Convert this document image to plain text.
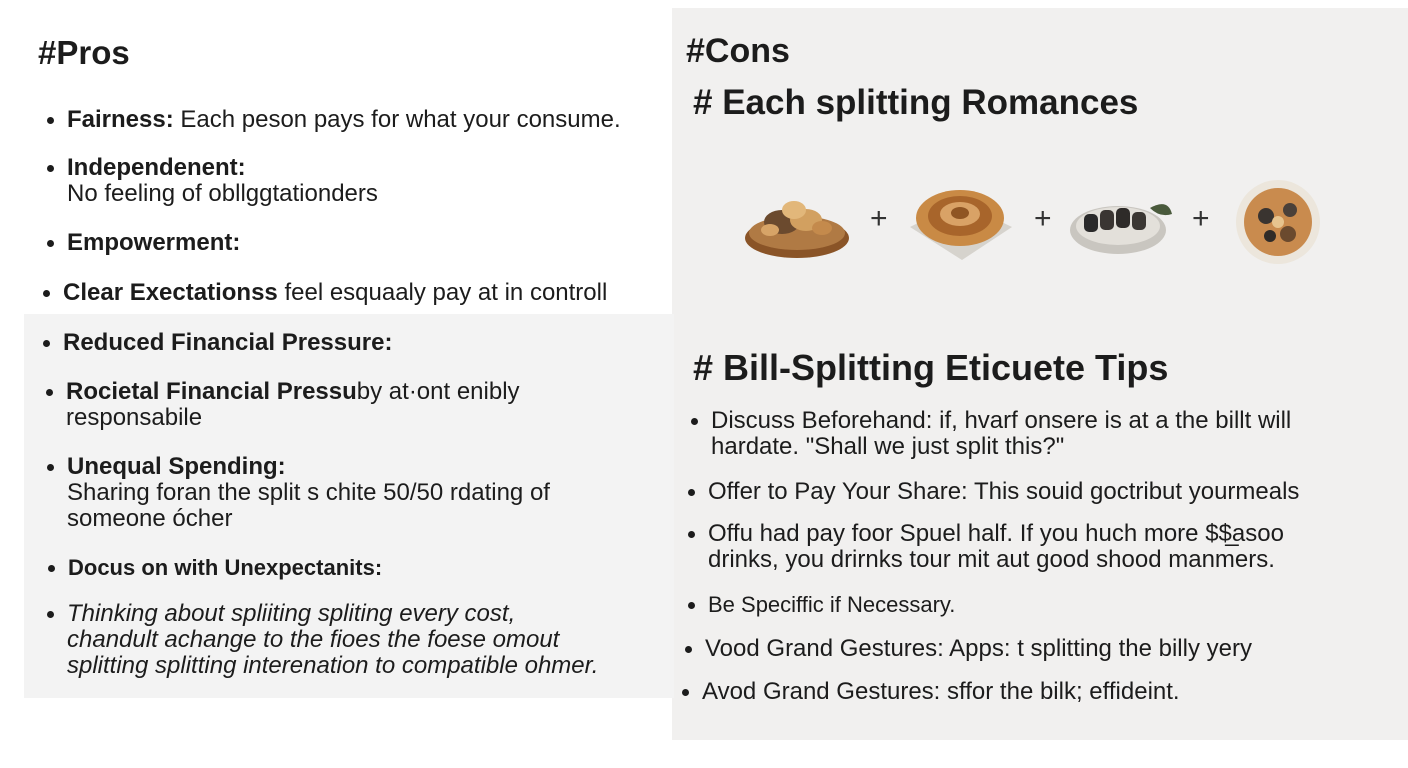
#Pros
Fairness: Each peson pays for what your consume.
Independenent:
No feeling of obllggtationders
Empowerment:
Clear Exectationss feel esquaaly pay at in controll
Reduced Financial Pressure:
Rocietal Financial Pressuby at·ont enibly
responsabile
Unequal Spending:
Sharing foran the split s chite 50/50 rdating of
someone ócher
Docus on with Unexpectanits:
Thinking about spliiting spliting every cost,
chandult achange to the fioes the foese omout
splitting splitting interenation to compatible ohmer.
#Cons
# Each splitting Romances
+	+	+
# Bill-Splitting Eticuete Tips
Discuss Beforehand: if, hvarf onsere is at a the billt will
hardate. "Shall we just split this?"
Offer to Pay Your Share: This souid goctribut yourmeals
Offu had pay foor Spuel half. If you huch more $$̲asoo
drinks, you drirnks tour mit aut good shood manmers.
Be Speciffic if Necessary.
Vood Grand Gestures: Apps: t splitting the billy yery
Avod Grand Gestures: sffor the bilk; effideint.
